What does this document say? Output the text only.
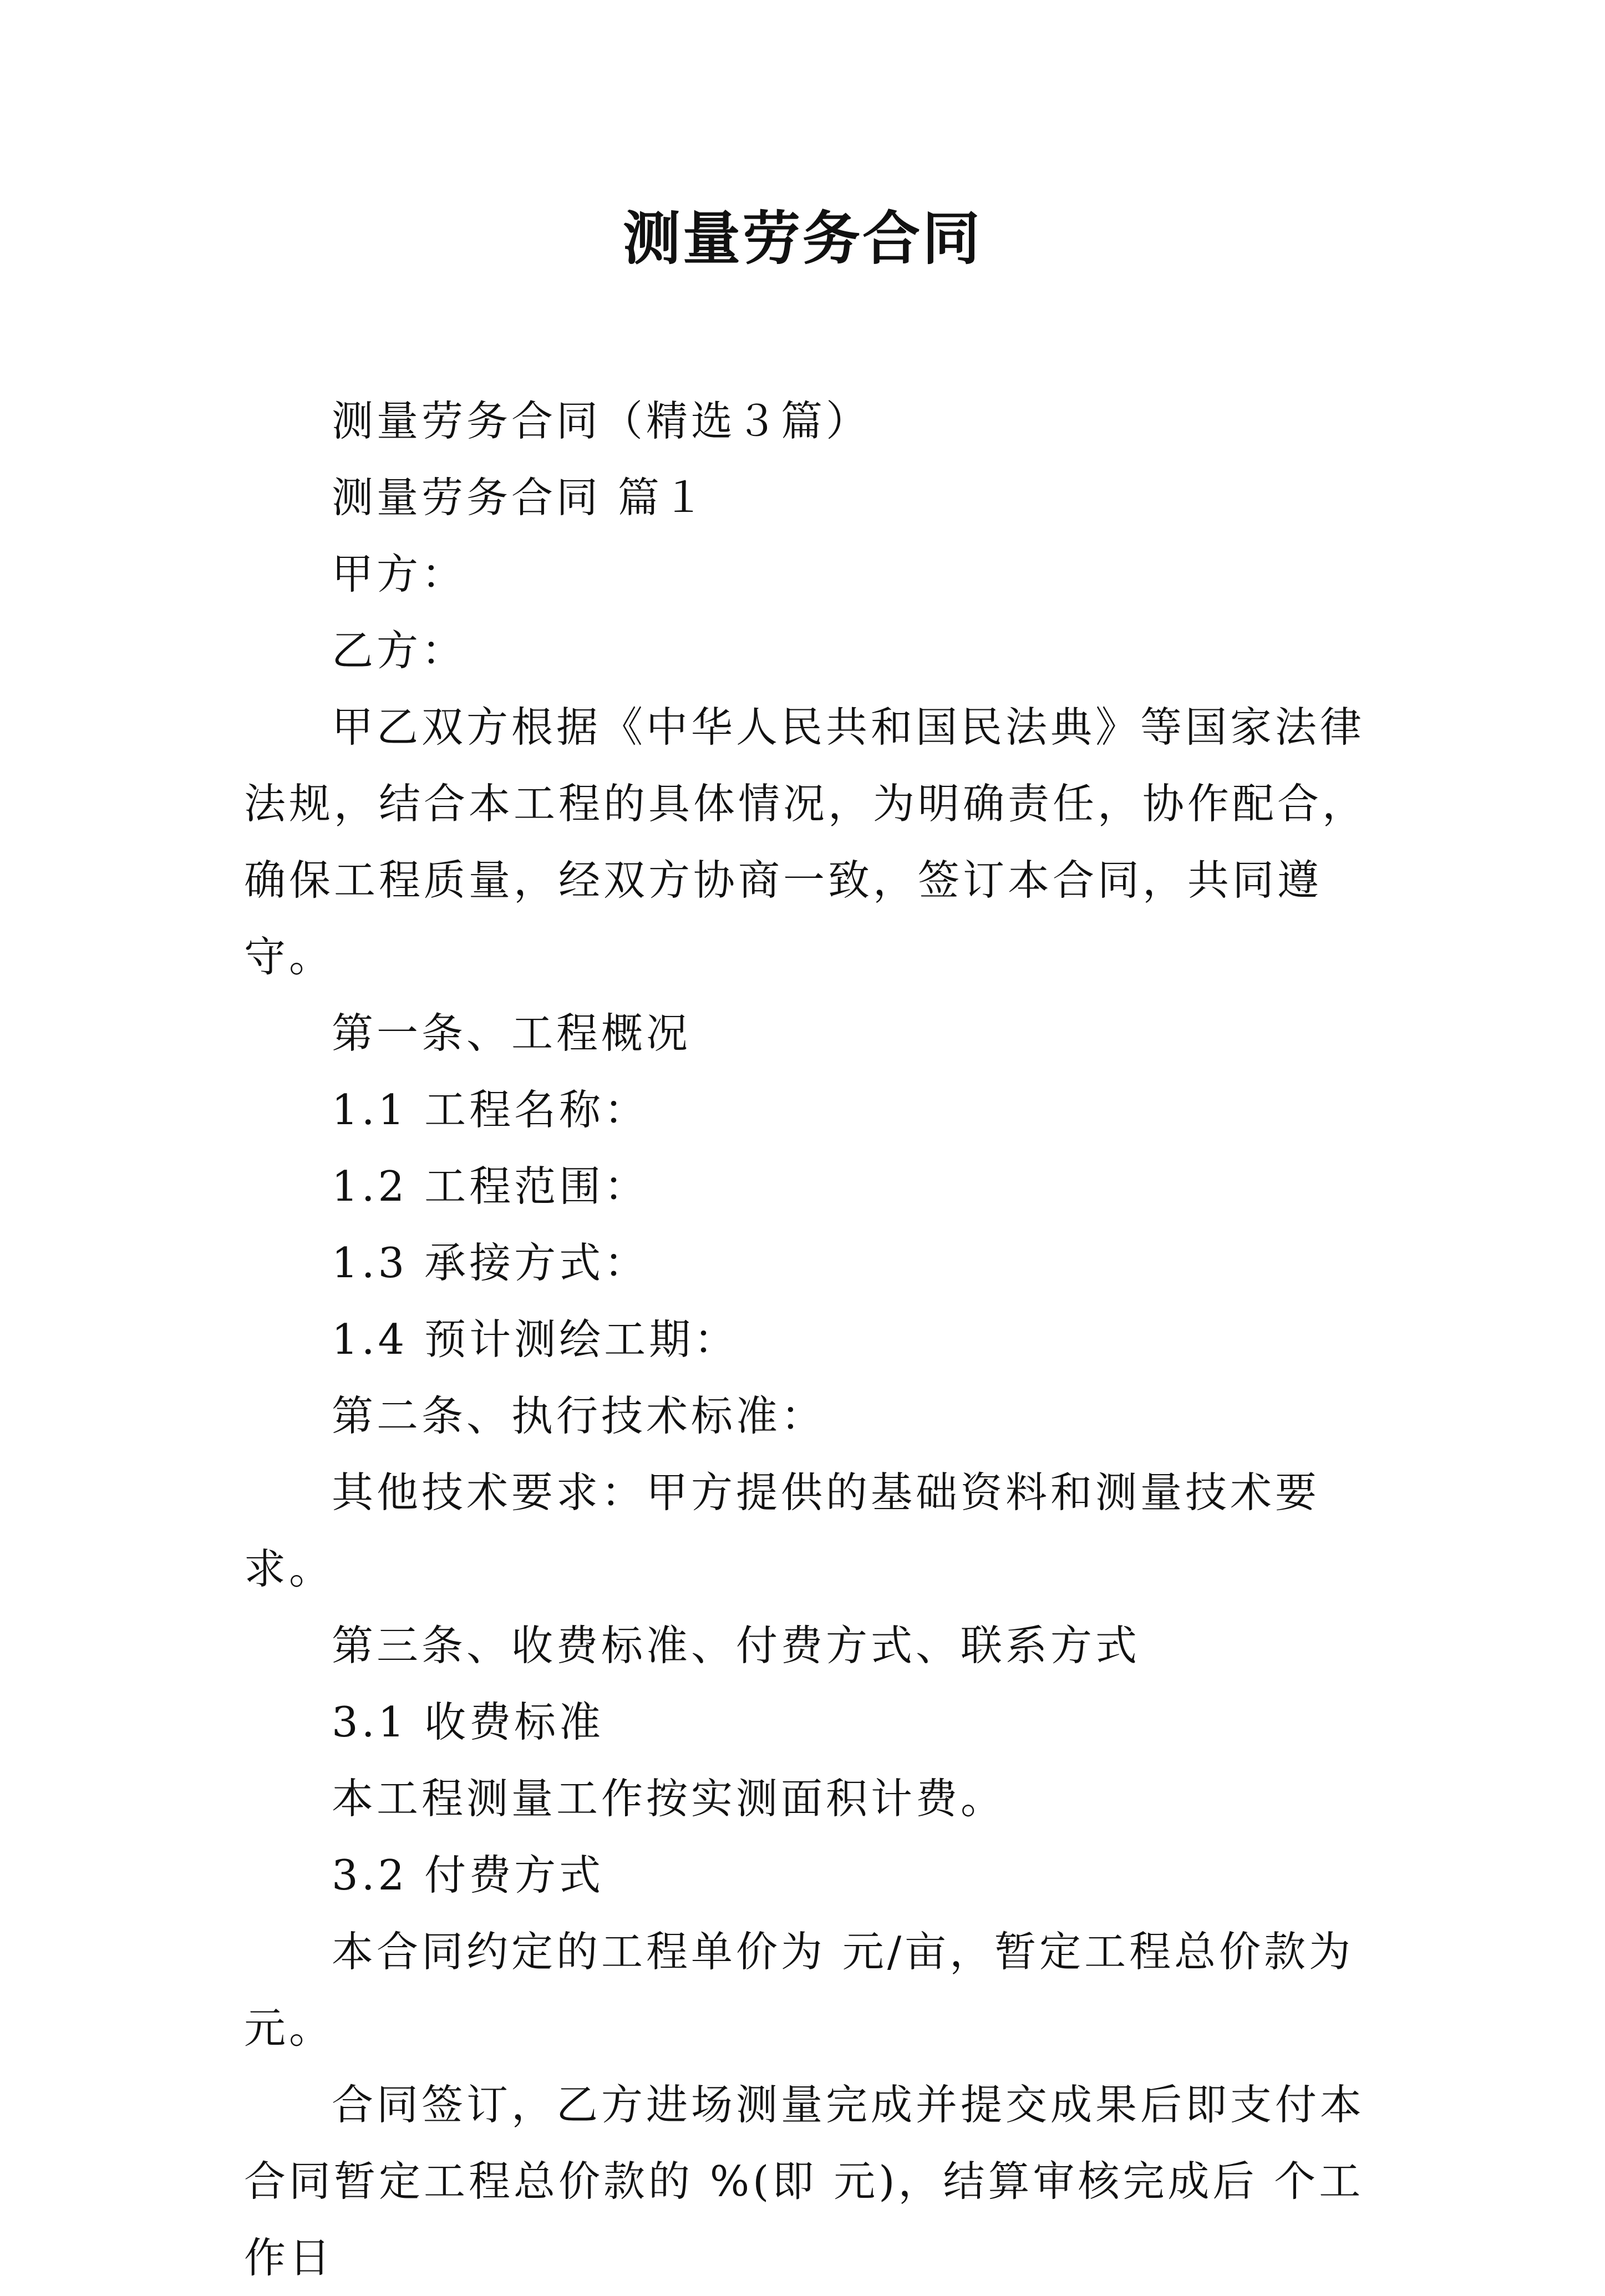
测量劳务合同

测量劳务合同（精选３篇）

测量劳务合同 篇１

甲方：

乙方：

甲乙双方根据《中华人民共和国民法典》等国家法律法规，结合本工程的具体情况，为明确责任，协作配合，确保工程质量，经双方协商一致，签订本合同，共同遵守。

第一条、工程概况

1.1 工程名称：

1.2 工程范围：

1.3 承接方式：

1.4 预计测绘工期：

第二条、执行技术标准：

其他技术要求：甲方提供的基础资料和测量技术要求。

第三条、收费标准、付费方式、联系方式

3.1 收费标准

本工程测量工作按实测面积计费。

3.2 付费方式

本合同约定的工程单价为 元/亩，暂定工程总价款为 元。

合同签订，乙方进场测量完成并提交成果后即支付本合同暂定工程总价款的 %(即 元)，结算审核完成后 个工作日
